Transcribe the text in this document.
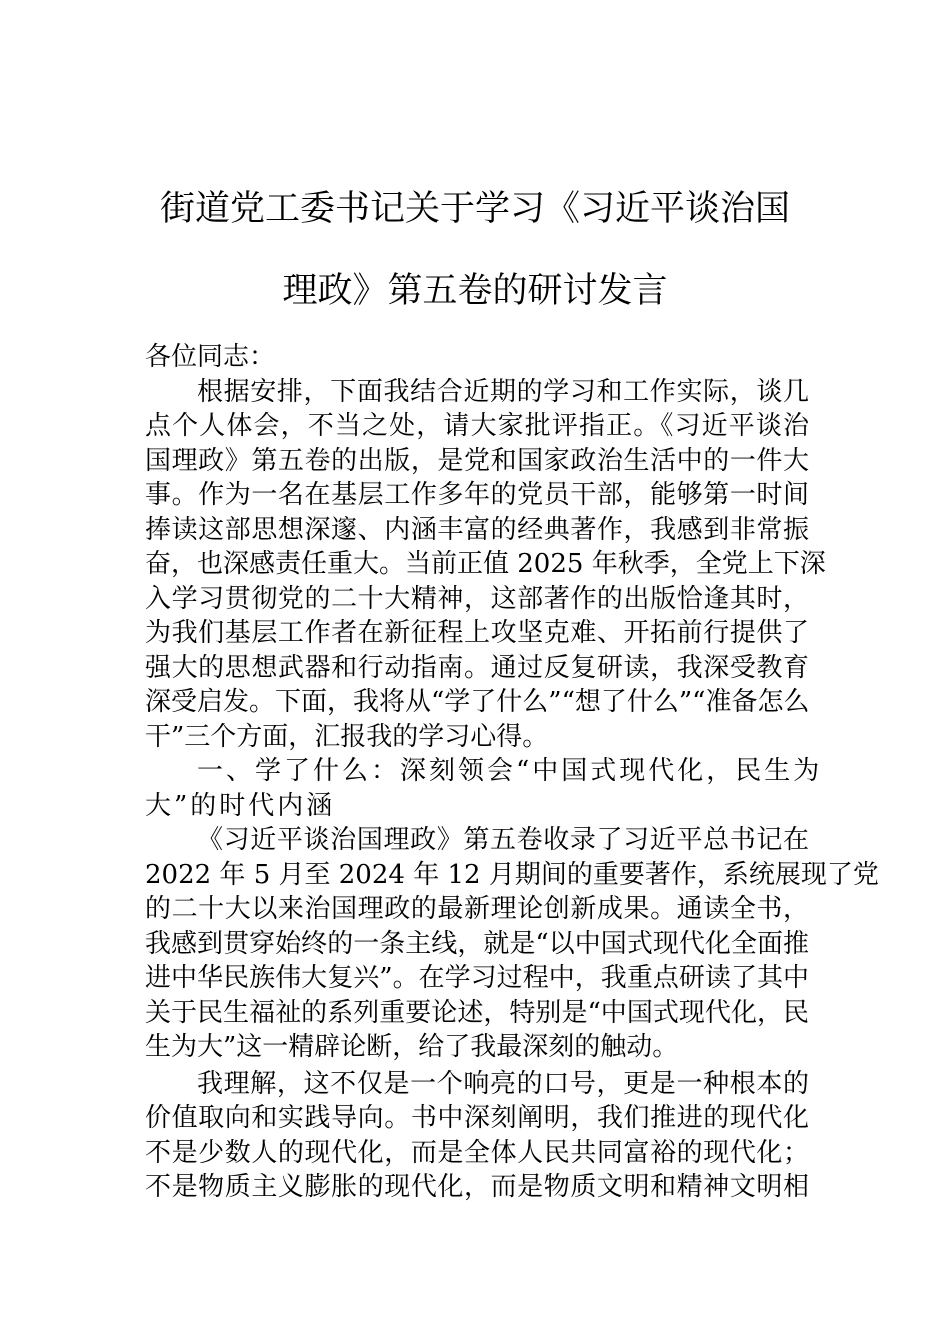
街道党工委书记关于学习《习近平谈治国
理政》第五卷的研讨发言
各位同志：
根据安排，下面我结合近期的学习和工作实际，谈几
点个人体会，不当之处，请大家批评指正。《习近平谈治
国理政》第五卷的出版，是党和国家政治生活中的一件大
事。作为一名在基层工作多年的党员干部，能够第一时间
捧读这部思想深邃、内涵丰富的经典著作，我感到非常振
奋，也深感责任重大。当前正值 2025 年秋季，全党上下深
入学习贯彻党的二十大精神，这部著作的出版恰逢其时，
为我们基层工作者在新征程上攻坚克难、开拓前行提供了
强大的思想武器和行动指南。通过反复研读，我深受教育
深受启发。下面，我将从“学了什么”“想了什么”“准备怎么
干”三个方面，汇报我的学习心得。
一、学了什么：深刻领会“中国式现代化，民生为
大”的时代内涵
《习近平谈治国理政》第五卷收录了习近平总书记在
2022 年 5 月至 2024 年 12 月期间的重要著作，系统展现了党
的二十大以来治国理政的最新理论创新成果。通读全书，
我感到贯穿始终的一条主线，就是“以中国式现代化全面推
进中华民族伟大复兴”。在学习过程中，我重点研读了其中
关于民生福祉的系列重要论述，特别是“中国式现代化，民
生为大”这一精辟论断，给了我最深刻的触动。
我理解，这不仅是一个响亮的口号，更是一种根本的
价值取向和实践导向。书中深刻阐明，我们推进的现代化
不是少数人的现代化，而是全体人民共同富裕的现代化；
不是物质主义膨胀的现代化，而是物质文明和精神文明相
